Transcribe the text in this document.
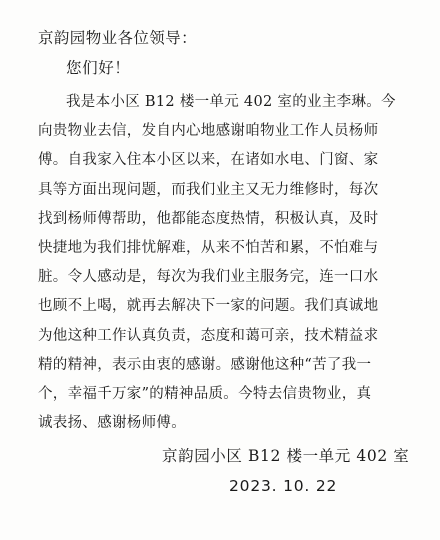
京韵园物业各位领导：
您们好！
我是本小区 B12 楼一单元 402 室的业主李琳。今
向贵物业去信，发自内心地感谢咱物业工作人员杨师
傅。自我家入住本小区以来，在诸如水电、门窗、家
具等方面出现问题，而我们业主又无力维修时，每次
找到杨师傅帮助，他都能态度热情，积极认真，及时
快捷地为我们排忧解难，从来不怕苦和累，不怕难与
脏。令人感动是，每次为我们业主服务完，连一口水
也顾不上喝，就再去解决下一家的问题。我们真诚地
为他这种工作认真负责，态度和蔼可亲，技术精益求
精的精神，表示由衷的感谢。感谢他这种“苦了我一
个，幸福千万家”的精神品质。今特去信贵物业，真
诚表扬、感谢杨师傅。
京韵园小区 B12 楼一单元 402 室
2023. 10. 22
